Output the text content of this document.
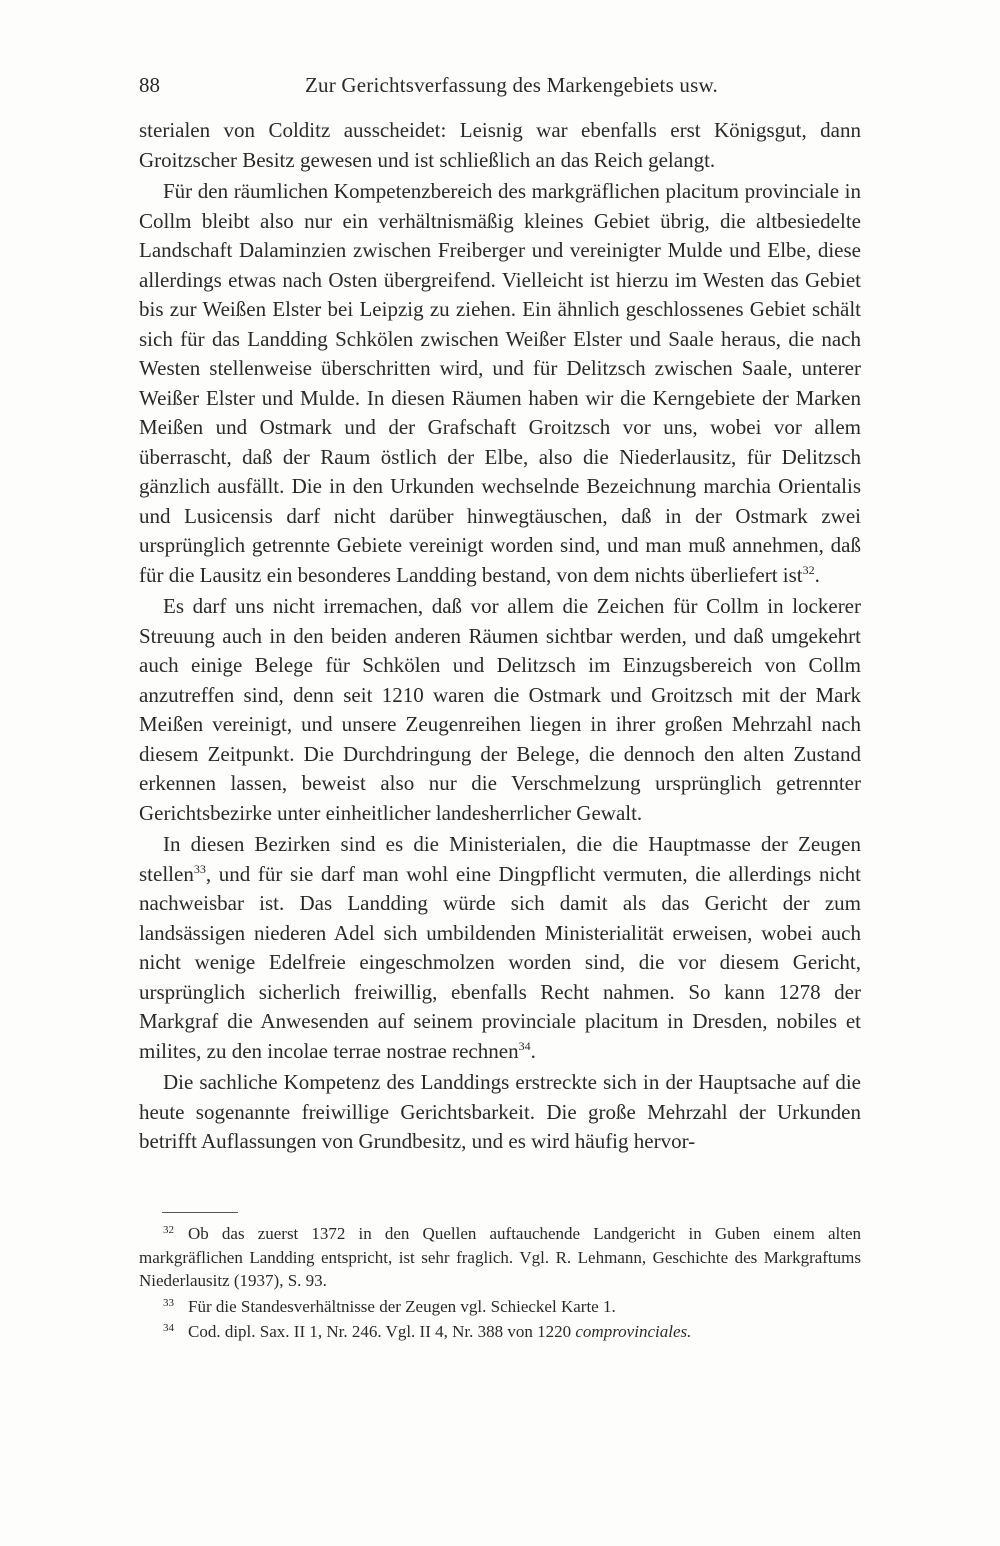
88	Zur Gerichtsverfassung des Markengebiets usw.

sterialen von Colditz ausscheidet: Leisnig war ebenfalls erst Königsgut, dann Groitzscher Besitz gewesen und ist schließlich an das Reich gelangt.

Für den räumlichen Kompetenzbereich des markgräflichen placitum provinciale in Collm bleibt also nur ein verhältnismäßig kleines Gebiet übrig, die altbesiedelte Landschaft Dalaminzien zwischen Freiberger und vereinigter Mulde und Elbe, diese allerdings etwas nach Osten übergreifend. Vielleicht ist hierzu im Westen das Gebiet bis zur Weißen Elster bei Leipzig zu ziehen. Ein ähnlich geschlossenes Gebiet schält sich für das Landding Schkölen zwischen Weißer Elster und Saale heraus, die nach Westen stellenweise überschritten wird, und für Delitzsch zwischen Saale, unterer Weißer Elster und Mulde. In diesen Räumen haben wir die Kerngebiete der Marken Meißen und Ostmark und der Grafschaft Groitzsch vor uns, wobei vor allem überrascht, daß der Raum östlich der Elbe, also die Niederlausitz, für Delitzsch gänzlich ausfällt. Die in den Urkunden wechselnde Bezeichnung marchia Orientalis und Lusicensis darf nicht darüber hinwegtäuschen, daß in der Ostmark zwei ursprünglich getrennte Gebiete vereinigt worden sind, und man muß annehmen, daß für die Lausitz ein besonderes Landding bestand, von dem nichts überliefert ist$^{32}$.

Es darf uns nicht irremachen, daß vor allem die Zeichen für Collm in lockerer Streuung auch in den beiden anderen Räumen sichtbar werden, und daß umgekehrt auch einige Belege für Schkölen und Delitzsch im Einzugsbereich von Collm anzutreffen sind, denn seit 1210 waren die Ostmark und Groitzsch mit der Mark Meißen vereinigt, und unsere Zeugenreihen liegen in ihrer großen Mehrzahl nach diesem Zeitpunkt. Die Durchdringung der Belege, die dennoch den alten Zustand erkennen lassen, beweist also nur die Verschmelzung ursprünglich getrennter Gerichtsbezirke unter einheitlicher landesherrlicher Gewalt.

In diesen Bezirken sind es die Ministerialen, die die Hauptmasse der Zeugen stellen$^{33}$, und für sie darf man wohl eine Dingpflicht vermuten, die allerdings nicht nachweisbar ist. Das Landding würde sich damit als das Gericht der zum landsässigen niederen Adel sich umbildenden Ministerialität erweisen, wobei auch nicht wenige Edelfreie eingeschmolzen worden sind, die vor diesem Gericht, ursprünglich sicherlich freiwillig, ebenfalls Recht nahmen. So kann 1278 der Markgraf die Anwesenden auf seinem provinciale placitum in Dresden, nobiles et milites, zu den incolae terrae nostrae rechnen$^{34}$.

Die sachliche Kompetenz des Landdings erstreckte sich in der Hauptsache auf die heute sogenannte freiwillige Gerichtsbarkeit. Die große Mehrzahl der Urkunden betrifft Auflassungen von Grundbesitz, und es wird häufig hervor-

$^{32}$ Ob das zuerst 1372 in den Quellen auftauchende Landgericht in Guben einem alten markgräflichen Landding entspricht, ist sehr fraglich. Vgl. R. Lehmann, Geschichte des Markgraftums Niederlausitz (1937), S. 93.

$^{33}$ Für die Standesverhältnisse der Zeugen vgl. Schieckel Karte 1.

$^{34}$ Cod. dipl. Sax. II 1, Nr. 246. Vgl. II 4, Nr. 388 von 1220 comprovinciales.
